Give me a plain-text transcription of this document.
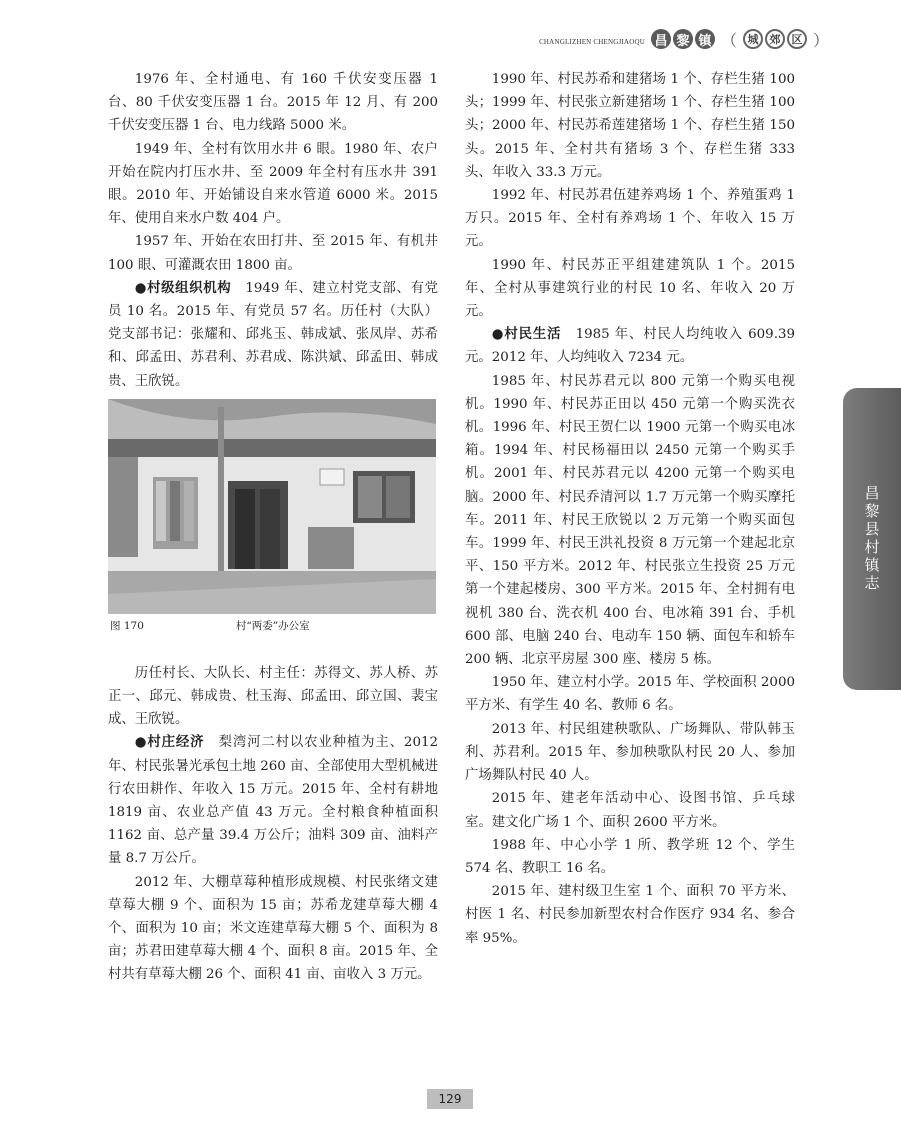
CHANGLIZHEN CHENGJIAOQU 昌 黎 镇 （ 城	郊	区 ）

1976 年、全村通电、有 160 千伏安变压器 1 台、80 千伏安变压器 1 台。2015 年 12 月、有 200 千伏安变压器 1 台、电力线路 5000 米。

1949 年、全村有饮用水井 6 眼。1980 年、农户开始在院内打压水井、至 2009 年全村有压水井 391 眼。2010 年、开始铺设自来水管道 6000 米。2015 年、使用自来水户数 404 户。

1957 年、开始在农田打井、至 2015 年、有机井 100 眼、可灌溉农田 1800 亩。

●村级组织机构　1949 年、建立村党支部、有党员 10 名。2015 年、有党员 57 名。历任村（大队）党支部书记：张耀和、邱兆玉、韩成斌、张凤岸、苏希和、邱孟田、苏君利、苏君成、陈洪斌、邱孟田、韩成贵、王欣锐。

图 170	村“两委”办公室

历任村长、大队长、村主任：苏得文、苏人桥、苏正一、邱元、韩成贵、杜玉海、邱孟田、邱立国、裴宝成、王欣锐。

●村庄经济　梨湾河二村以农业种植为主、2012 年、村民张暑光承包土地 260 亩、全部使用大型机械进行农田耕作、年收入 15 万元。2015 年、全村有耕地 1819 亩、农业总产值 43 万元。全村粮食种植面积 1162 亩、总产量 39.4 万公斤；油料 309 亩、油料产量 8.7 万公斤。

2012 年、大棚草莓种植形成规模、村民张绪文建草莓大棚 9 个、面积为 15 亩；苏希龙建草莓大棚 4 个、面积为 10 亩；米文连建草莓大棚 5 个、面积为 8 亩；苏君田建草莓大棚 4 个、面积 8 亩。2015 年、全村共有草莓大棚 26 个、面积 41 亩、亩收入 3 万元。

1990 年、村民苏希和建猪场 1 个、存栏生猪 100 头；1999 年、村民张立新建猪场 1 个、存栏生猪 100 头；2000 年、村民苏希莲建猪场 1 个、存栏生猪 150 头。2015 年、全村共有猪场 3 个、存栏生猪 333 头、年收入 33.3 万元。

1992 年、村民苏君伍建养鸡场 1 个、养殖蛋鸡 1 万只。2015 年、全村有养鸡场 1 个、年收入 15 万元。

1990 年、村民苏正平组建建筑队 1 个。2015 年、全村从事建筑行业的村民 10 名、年收入 20 万元。

●村民生活　1985 年、村民人均纯收入 609.39 元。2012 年、人均纯收入 7234 元。

1985 年、村民苏君元以 800 元第一个购买电视机。1990 年、村民苏正田以 450 元第一个购买洗衣机。1996 年、村民王贺仁以 1900 元第一个购买电冰箱。1994 年、村民杨福田以 2450 元第一个购买手机。2001 年、村民苏君元以 4200 元第一个购买电脑。2000 年、村民乔清河以 1.7 万元第一个购买摩托车。2011 年、村民王欣锐以 2 万元第一个购买面包车。1999 年、村民王洪礼投资 8 万元第一个建起北京平、150 平方米。2012 年、村民张立生投资 25 万元第一个建起楼房、300 平方米。2015 年、全村拥有电视机 380 台、洗衣机 400 台、电冰箱 391 台、手机 600 部、电脑 240 台、电动车 150 辆、面包车和轿车 200 辆、北京平房屋 300 座、楼房 5 栋。

1950 年、建立村小学。2015 年、学校面积 2000 平方米、有学生 40 名、教师 6 名。

2013 年、村民组建秧歌队、广场舞队、带队韩玉利、苏君利。2015 年、参加秧歌队村民 20 人、参加广场舞队村民 40 人。

2015 年、建老年活动中心、设图书馆、乒乓球室。建文化广场 1 个、面积 2600 平方米。

1988 年、中心小学 1 所、教学班 12 个、学生 574 名、教职工 16 名。

2015 年、建村级卫生室 1 个、面积 70 平方米、村医 1 名、村民参加新型农村合作医疗 934 名、参合率 95%。

昌黎县村镇志
129
